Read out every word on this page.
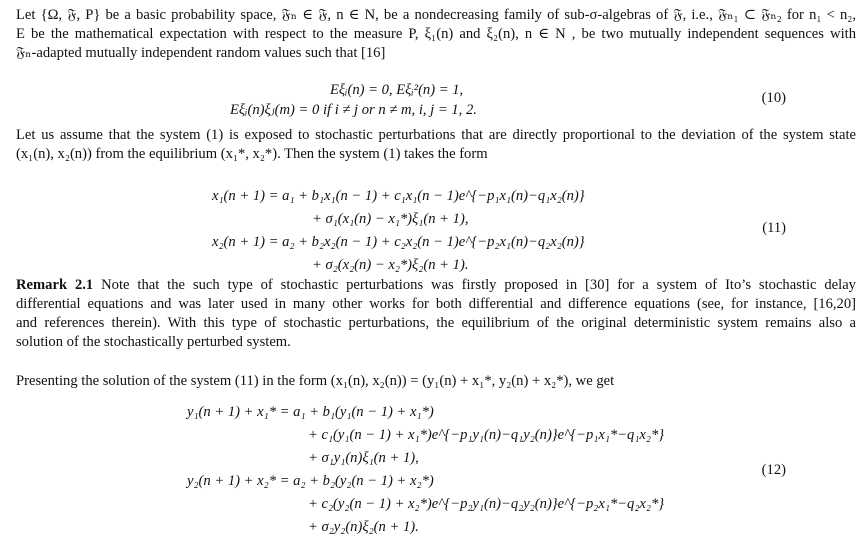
Let {Ω, 𝔉, P} be a basic probability space, 𝔉ₙ ∈ 𝔉, n ∈ N, be a nondecreasing family of sub-σ-algebras of 𝔉, i.e., 𝔉ₙ₁ ⊂ 𝔉ₙ₂ for n₁ < n₂,
E be the mathematical expectation with respect to the measure P, ξ₁(n) and ξ₂(n), n ∈ N , be two mutually independent sequences with
𝔉ₙ-adapted mutually independent random values such that [16]

Eξᵢ(n) = 0, Eξᵢ²(n) = 1,
Eξᵢ(n)ξⱼ(m) = 0 if i ≠ j or n ≠ m, i, j = 1, 2.
(10)

Let us assume that the system (1) is exposed to stochastic perturbations that are directly proportional to the deviation of the system state
(x₁(n), x₂(n)) from the equilibrium (x₁*, x₂*). Then the system (1) takes the form

x₁(n + 1) = a₁ + b₁x₁(n − 1) + c₁x₁(n − 1)e^{−p₁x₁(n)−q₁x₂(n)}
+ σ₁(x₁(n) − x₁*)ξ₁(n + 1),
x₂(n + 1) = a₂ + b₂x₂(n − 1) + c₂x₂(n − 1)e^{−p₂x₁(n)−q₂x₂(n)}
+ σ₂(x₂(n) − x₂*)ξ₂(n + 1).
(11)

Remark 2.1 Note that the such type of stochastic perturbations was firstly proposed in [30] for a system of Ito’s stochastic delay
differential equations and was later used in many other works for both differential and difference equations (see, for instance, [16,20]
and references therein). With this type of stochastic perturbations, the equilibrium of the original deterministic system remains also a
solution of the stochastically perturbed system.

Presenting the solution of the system (11) in the form (x₁(n), x₂(n)) = (y₁(n) + x₁*, y₂(n) + x₂*), we get

y₁(n + 1) + x₁* = a₁ + b₁(y₁(n − 1) + x₁*)
+ c₁(y₁(n − 1) + x₁*)e^{−p₁y₁(n)−q₁y₂(n)}e^{−p₁x₁*−q₁x₂*}
+ σ₁y₁(n)ξ₁(n + 1),
y₂(n + 1) + x₂* = a₂ + b₂(y₂(n − 1) + x₂*)
+ c₂(y₂(n − 1) + x₂*)e^{−p₂y₁(n)−q₂y₂(n)}e^{−p₂x₁*−q₂x₂*}
+ σ₂y₂(n)ξ₂(n + 1).
(12)
